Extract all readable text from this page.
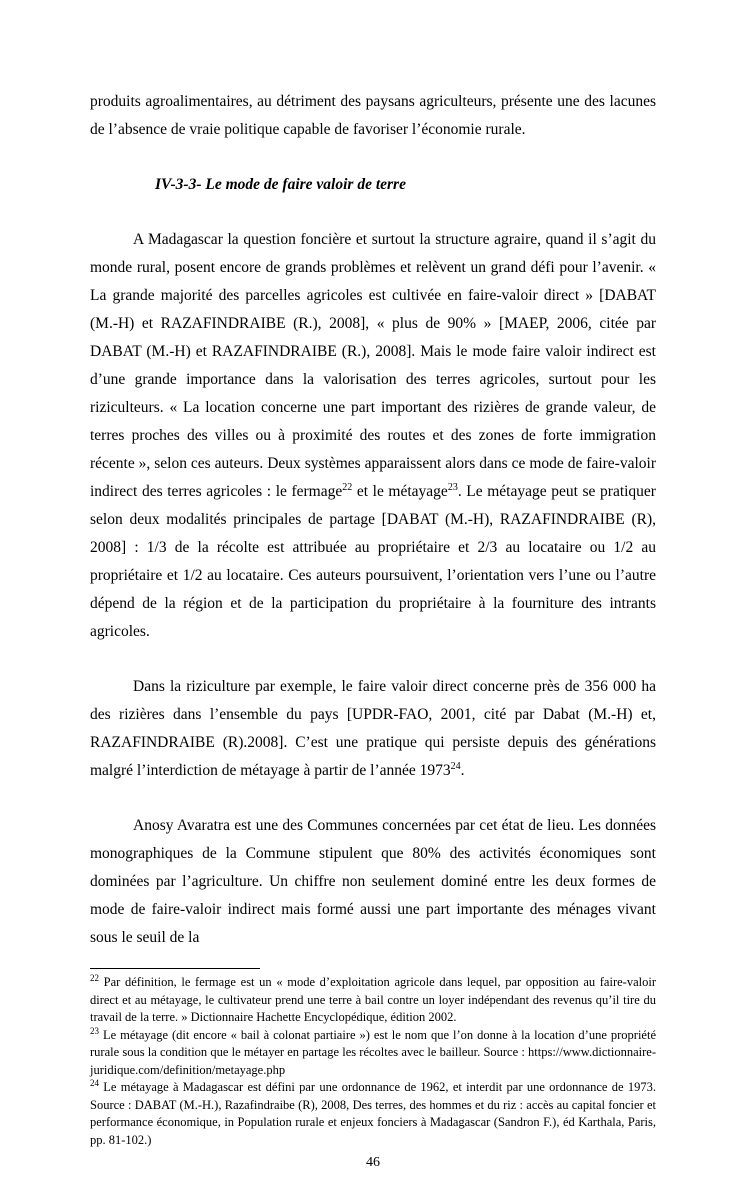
produits agroalimentaires, au détriment des paysans agriculteurs, présente une des lacunes de l’absence de vraie politique capable de favoriser l’économie rurale.

IV-3-3- Le mode de faire valoir de terre

A Madagascar la question foncière et surtout la structure agraire, quand il s’agit du monde rural, posent encore de grands problèmes et relèvent un grand défi pour l’avenir. « La grande majorité des parcelles agricoles est cultivée en faire-valoir direct » [DABAT (M.-H) et RAZAFINDRAIBE (R.), 2008], « plus de 90% » [MAEP, 2006, citée par DABAT (M.-H) et RAZAFINDRAIBE (R.), 2008]. Mais le mode faire valoir indirect est d’une grande importance dans la valorisation des terres agricoles, surtout pour les riziculteurs. « La location concerne une part important des rizières de grande valeur, de terres proches des villes ou à proximité des routes et des zones de forte immigration récente », selon ces auteurs. Deux systèmes apparaissent alors dans ce mode de faire-valoir indirect des terres agricoles : le fermage$^{22}$ et le métayage$^{23}$. Le métayage peut se pratiquer selon deux modalités principales de partage [DABAT (M.-H), RAZAFINDRAIBE (R), 2008] : 1/3 de la récolte est attribuée au propriétaire et 2/3 au locataire ou 1/2 au propriétaire et 1/2 au locataire. Ces auteurs poursuivent, l’orientation vers l’une ou l’autre dépend de la région et de la participation du propriétaire à la fourniture des intrants agricoles.

Dans la riziculture par exemple, le faire valoir direct concerne près de 356 000 ha des rizières dans l’ensemble du pays [UPDR-FAO, 2001, cité par Dabat (M.-H) et, RAZAFINDRAIBE (R).2008]. C’est une pratique qui persiste depuis des générations malgré l’interdiction de métayage à partir de l’année 1973$^{24}$.

Anosy Avaratra est une des Communes concernées par cet état de lieu. Les données monographiques de la Commune stipulent que 80% des activités économiques sont dominées par l’agriculture. Un chiffre non seulement dominé entre les deux formes de mode de faire-valoir indirect mais formé aussi une part importante des ménages vivant sous le seuil de la

$^{22}$ Par définition, le fermage est un « mode d’exploitation agricole dans lequel, par opposition au faire-valoir direct et au métayage, le cultivateur prend une terre à bail contre un loyer indépendant des revenus qu’il tire du travail de la terre. » Dictionnaire Hachette Encyclopédique, édition 2002.

$^{23}$ Le métayage (dit encore « bail à colonat partiaire ») est le nom que l’on donne à la location d’une propriété rurale sous la condition que le métayer en partage les récoltes avec le bailleur. Source : https://www.dictionnaire-juridique.com/definition/metayage.php

$^{24}$ Le métayage à Madagascar est défini par une ordonnance de 1962, et interdit par une ordonnance de 1973. Source : DABAT (M.-H.), Razafindraibe (R), 2008, Des terres, des hommes et du riz : accès au capital foncier et performance économique, in Population rurale et enjeux fonciers à Madagascar (Sandron F.), éd Karthala, Paris, pp. 81-102.)

46
